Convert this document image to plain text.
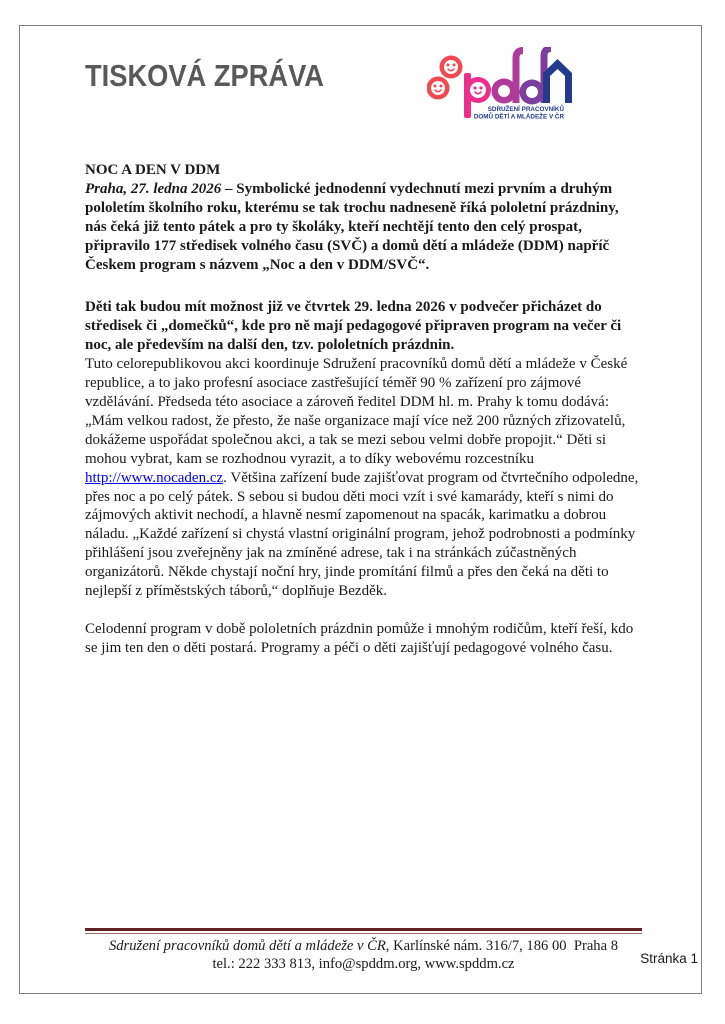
TISKOVÁ ZPRÁVA
SDRUŽENÍ PRACOVNÍKŮ
DOMŮ DĚTÍ A MLÁDEŽE V ČR

NOC A DEN V DDM

Praha, 27. ledna 2026 – Symbolické jednodenní vydechnutí mezi prvním a druhým pololetím školního roku, kterému se tak trochu nadneseně říká pololetní prázdniny, nás čeká již tento pátek a pro ty školáky, kteří nechtějí tento den celý prospat, připravilo 177 středisek volného času (SVČ) a domů dětí a mládeže (DDM) napříč Českem program s názvem „Noc a den v DDM/SVČ“.

Děti tak budou mít možnost již ve čtvrtek 29. ledna 2026 v podvečer přicházet do středisek či „domečků“, kde pro ně mají pedagogové připraven program na večer či noc, ale především na další den, tzv. pololetních prázdnin.

Tuto celorepublikovou akci koordinuje Sdružení pracovníků domů dětí a mládeže v České republice, a to jako profesní asociace zastřešující téměř 90 % zařízení pro zájmové vzdělávání. Předseda této asociace a zároveň ředitel DDM hl. m. Prahy k tomu dodává: „Mám velkou radost, že přesto, že naše organizace mají více než 200 různých zřizovatelů, dokážeme uspořádat společnou akci, a tak se mezi sebou velmi dobře propojit.“ Děti si mohou vybrat, kam se rozhodnou vyrazit, a to díky webovému rozcestníku http://www.nocaden.cz. Většina zařízení bude zajišťovat program od čtvrtečního odpoledne, přes noc a po celý pátek. S sebou si budou děti moci vzít i své kamarády, kteří s nimi do zájmových aktivit nechodí, a hlavně nesmí zapomenout na spacák, karimatku a dobrou náladu. „Každé zařízení si chystá vlastní originální program, jehož podrobnosti a podmínky přihlášení jsou zveřejněny jak na zmíněné adrese, tak i na stránkách zúčastněných organizátorů. Někde chystají noční hry, jinde promítání filmů a přes den čeká na děti to nejlepší z příměstských táborů,“ doplňuje Bezděk.

Celodenní program v době pololetních prázdnin pomůže i mnohým rodičům, kteří řeší, kdo se jim ten den o děti postará. Programy a péči o děti zajišťují pedagogové volného času.

Sdružení pracovníků domů dětí a mládeže v ČR, Karlínské nám. 316/7, 186 00  Praha 8
tel.: 222 333 813, info@spddm.org, www.spddm.cz	Stránka 1
